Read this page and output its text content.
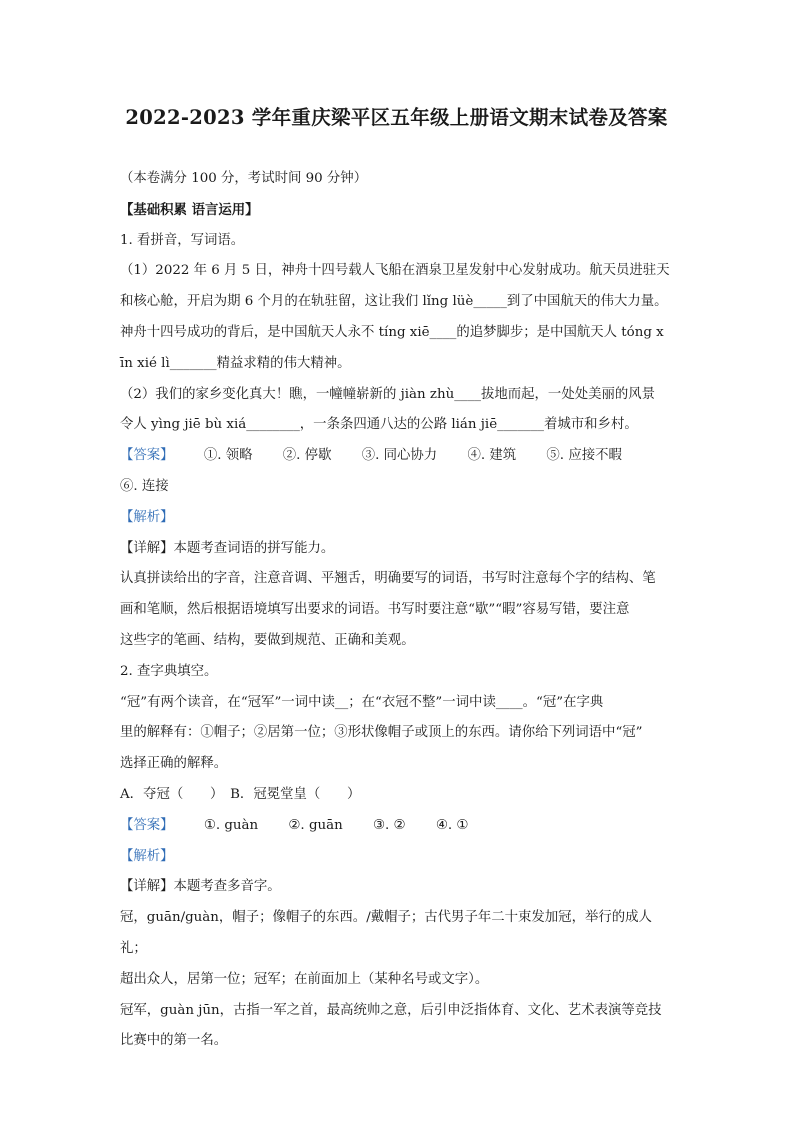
2022-2023 学年重庆梁平区五年级上册语文期末试卷及答案

（本卷满分 100 分，考试时间 90 分钟）

【基础积累 语言运用】

1. 看拼音，写词语。

（1）2022 年 6 月 5 日，神舟十四号载人飞船在酒泉卫星发射中心发射成功。航天员进驻天

和核心舱，开启为期 6 个月的在轨驻留，这让我们 lǐng lüè_____到了中国航天的伟大力量。

神舟十四号成功的背后，是中国航天人永不 tíng xiē____的追梦脚步；是中国航天人 tóng x

īn xié lì_______精益求精的伟大精神。

（2）我们的家乡变化真大！瞧，一幢幢崭新的 jiàn zhù____拔地而起，一处处美丽的风景

令人 yìng jiē bù xiá________，一条条四通八达的公路 lián jiē_______着城市和乡村。

【答案】 ①. 领略 ②. 停歇 ③. 同心协力 ④. 建筑 ⑤. 应接不暇

⑥. 连接

【解析】

【详解】本题考查词语的拼写能力。

认真拼读给出的字音，注意音调、平翘舌，明确要写的词语，书写时注意每个字的结构、笔

画和笔顺，然后根据语境填写出要求的词语。书写时要注意“歇”“暇”容易写错，要注意

这些字的笔画、结构，要做到规范、正确和美观。

2. 查字典填空。

“冠”有两个读音，在“冠军”一词中读__；在“衣冠不整”一词中读____。“冠”在字典

里的解释有：①帽子；②居第一位；③形状像帽子或顶上的东西。请你给下列词语中“冠”

选择正确的解释。

A．夺冠（　　）　B．冠冕堂皇（　　）

【答案】 ①. guàn ②. guān ③. ② ④. ①

【解析】

【详解】本题考查多音字。

冠，guān/guàn，帽子；像帽子的东西。/戴帽子；古代男子年二十束发加冠，举行的成人礼；

超出众人，居第一位；冠军；在前面加上（某种名号或文字）。

冠军，guàn jūn，古指一军之首，最高统帅之意，后引申泛指体育、文化、艺术表演等竞技

比赛中的第一名。
